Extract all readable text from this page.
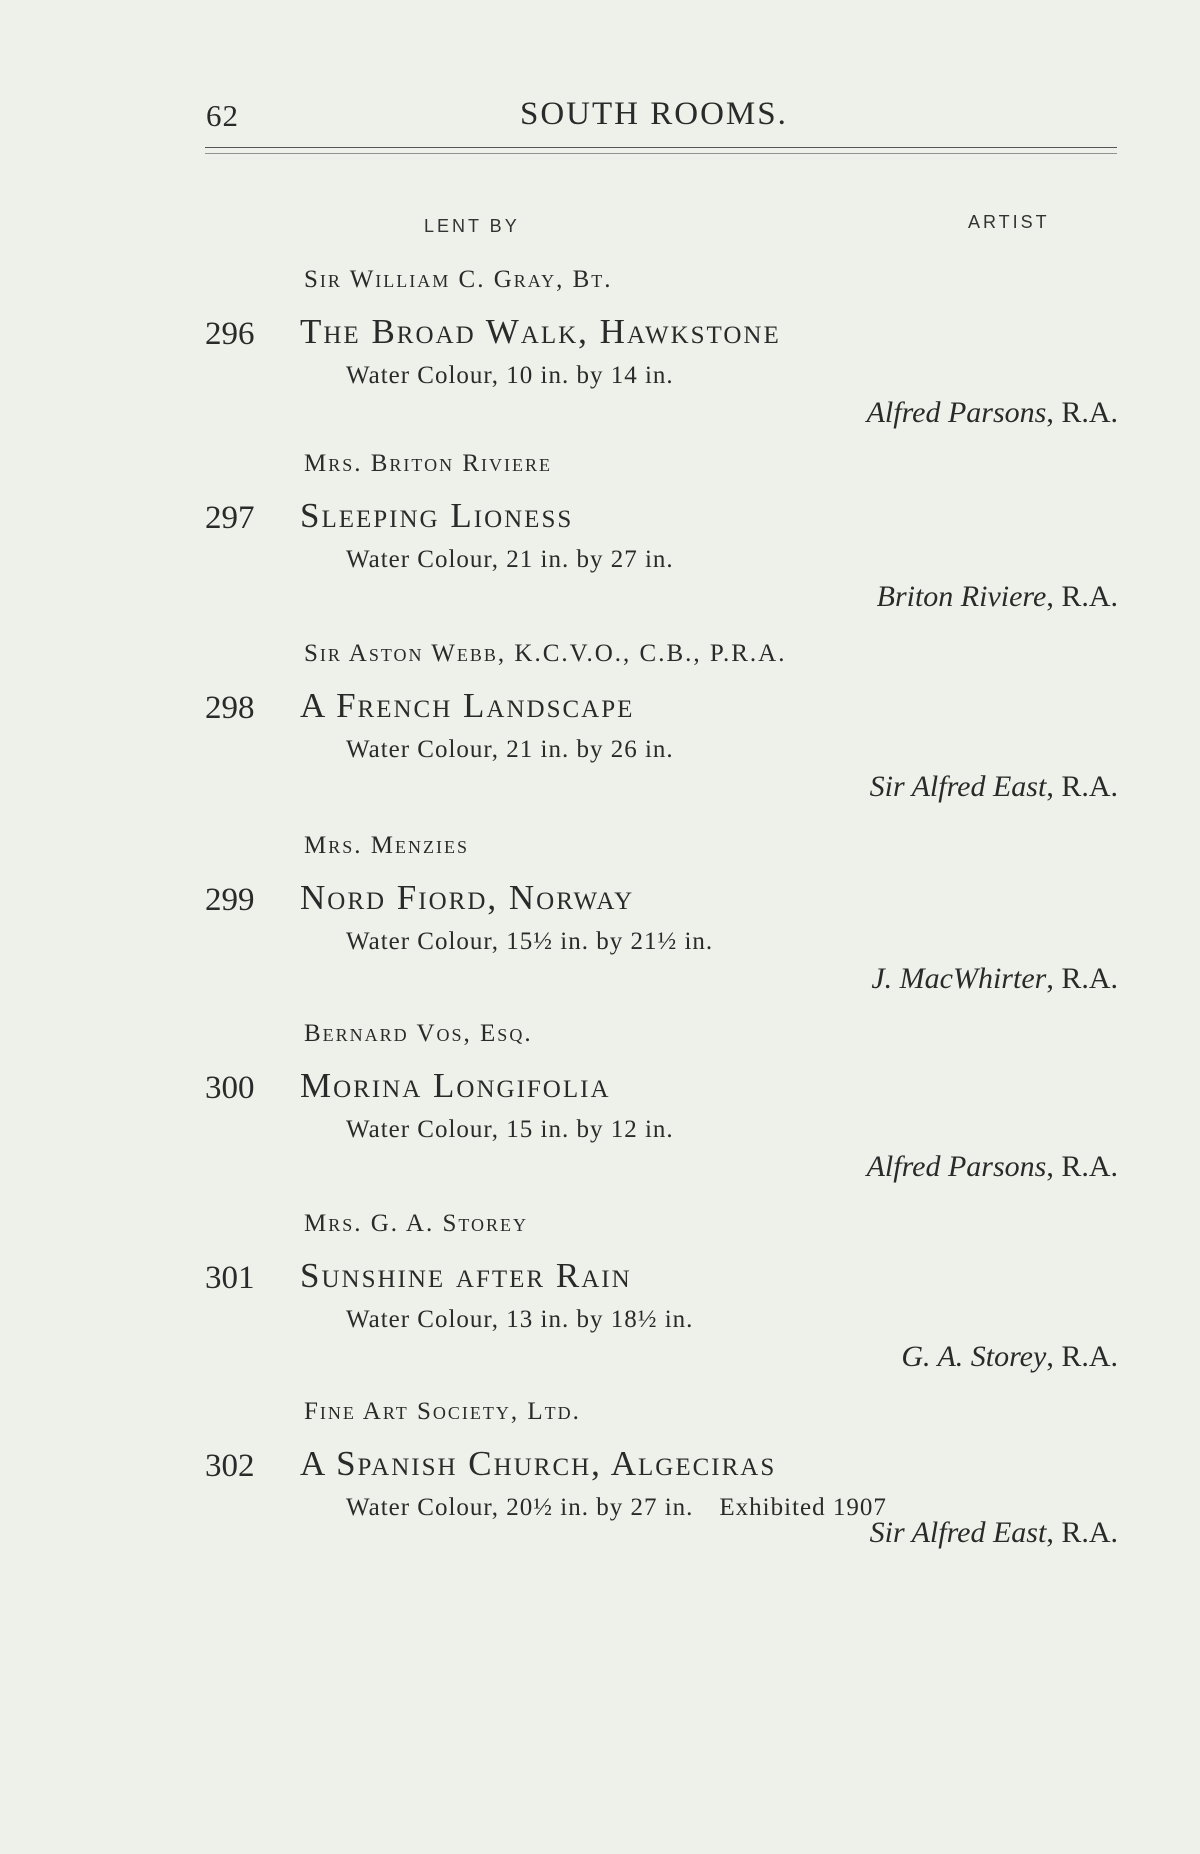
62	SOUTH ROOMS.
LENT BY	ARTIST
Sir William C. Gray, Bt.
296 The Broad Walk, Hawkstone
Water Colour, 10 in. by 14 in.
Alfred Parsons, R.A.
Mrs. Briton Riviere
297 Sleeping Lioness
Water Colour, 21 in. by 27 in.
Briton Riviere, R.A.
Sir Aston Webb, K.C.V.O., C.B., P.R.A.
298 A French Landscape
Water Colour, 21 in. by 26 in.
Sir Alfred East, R.A.
Mrs. Menzies
299 Nord Fiord, Norway
Water Colour, 15½ in. by 21½ in.
J. MacWhirter, R.A.
Bernard Vos, Esq.
300 Morina Longifolia
Water Colour, 15 in. by 12 in.
Alfred Parsons, R.A.
Mrs. G. A. Storey
301 Sunshine after Rain
Water Colour, 13 in. by 18½ in.
G. A. Storey, R.A.
Fine Art Society, Ltd.
302 A Spanish Church, Algeciras
Water Colour, 20½ in. by 27 in. Exhibited 1907
Sir Alfred East, R.A.
